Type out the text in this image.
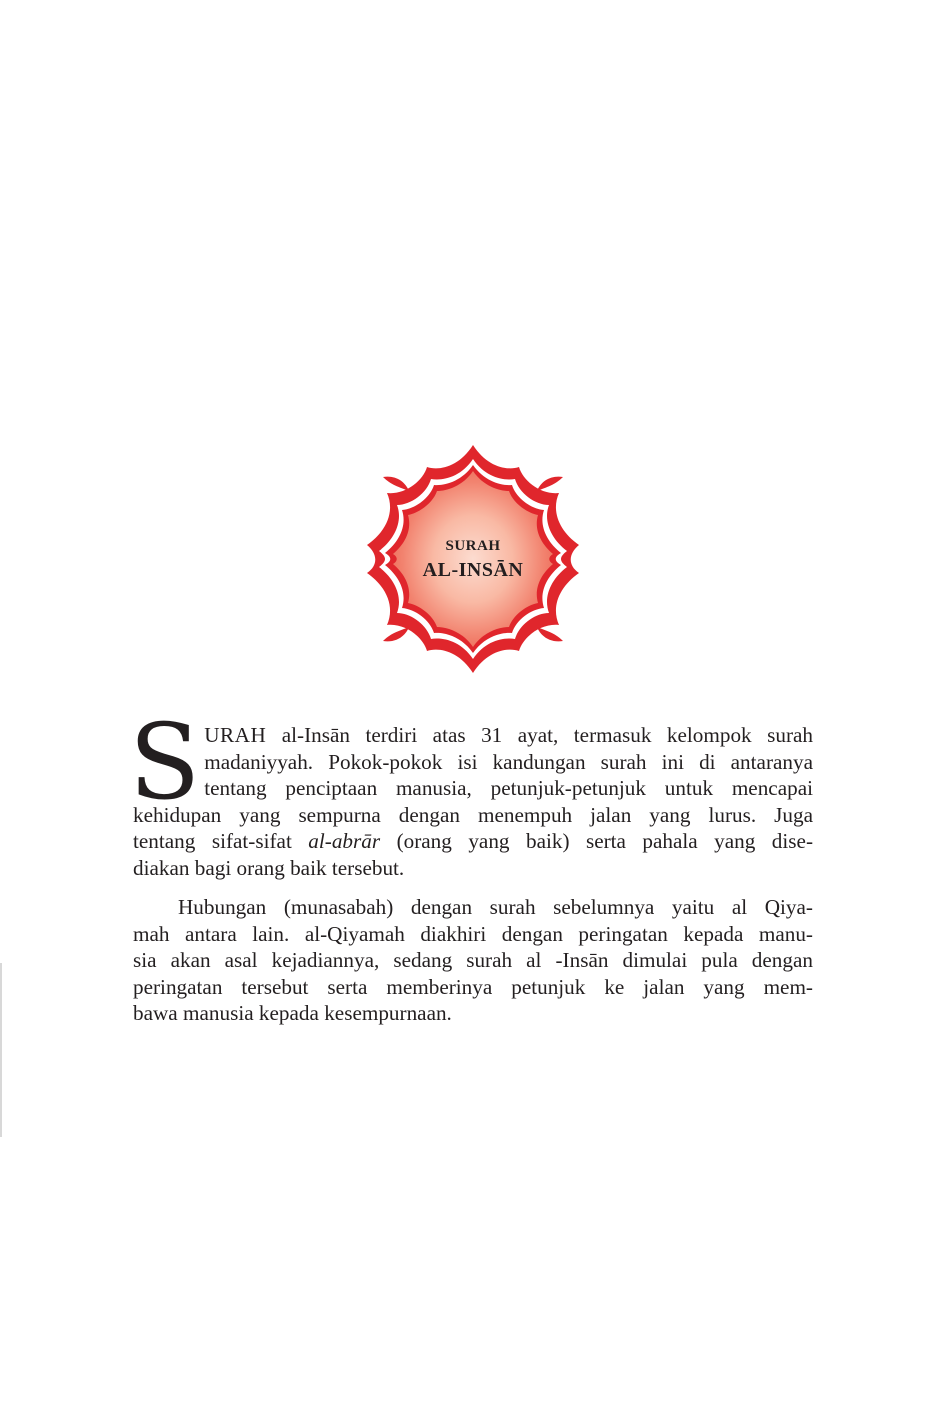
SURAH
AL-INSĀN
S URAH al-Insān terdiri atas 31 ayat, termasuk kelompok surah
madaniyyah. Pokok-pokok isi kandungan surah ini di antaranya
tentang penciptaan manusia, petunjuk-petunjuk untuk mencapai
kehidupan yang sempurna dengan menempuh jalan yang lurus. Juga
tentang sifat-sifat al-abrār (orang yang baik) serta pahala yang dise-
diakan bagi orang baik tersebut.
Hubungan (munasabah) dengan surah sebelumnya yaitu al Qiya-
mah antara lain. al-Qiyamah diakhiri dengan peringatan kepada manu-
sia akan asal kejadiannya, sedang surah al -Insān dimulai pula dengan
peringatan tersebut serta memberinya petunjuk ke jalan yang mem-
bawa manusia kepada kesempurnaan.
